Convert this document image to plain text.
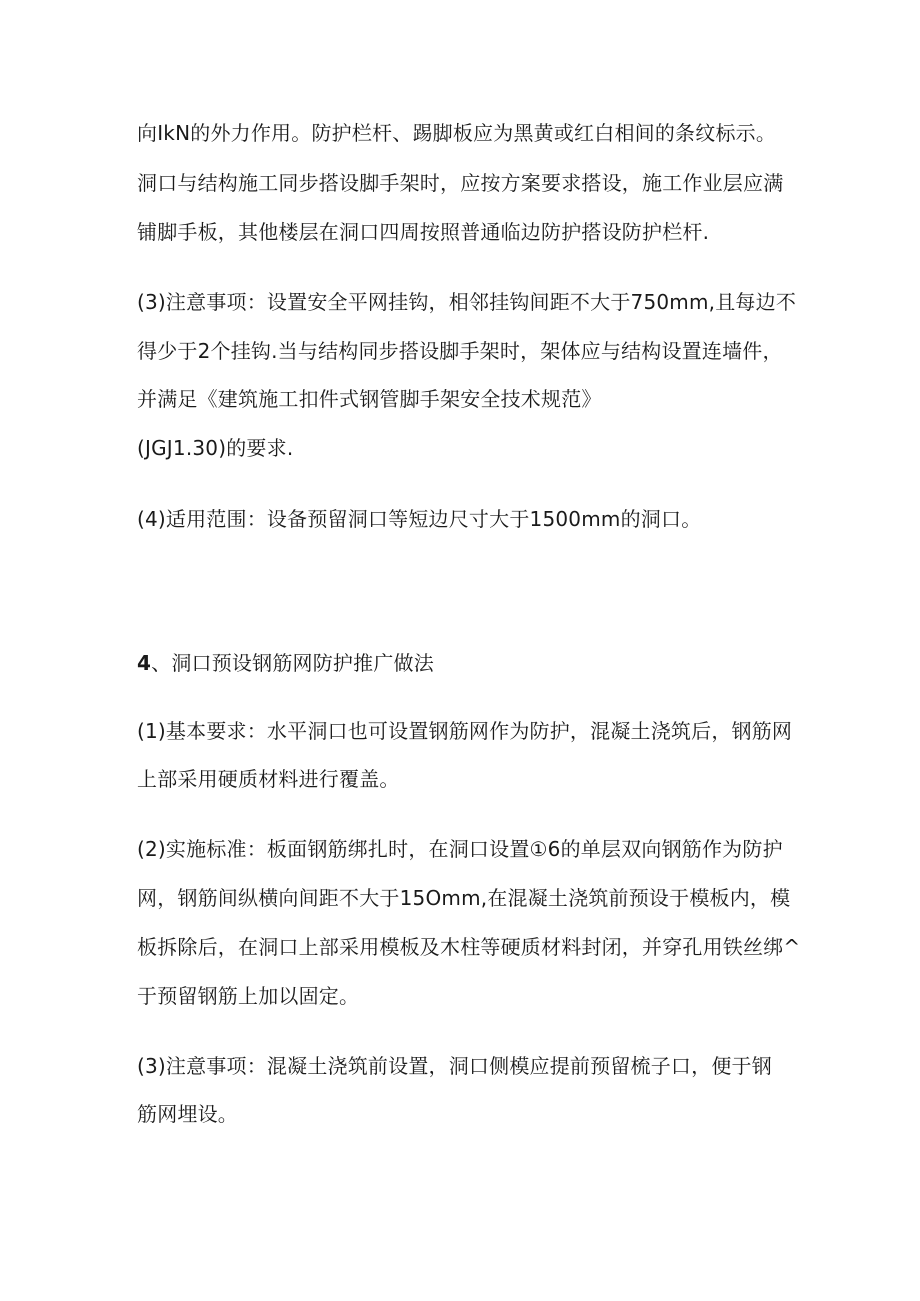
向IkN的外力作用。防护栏杆、踢脚板应为黑黄或红白相间的条纹标示。
洞口与结构施工同步搭设脚手架时，应按方案要求搭设，施工作业层应满
铺脚手板，其他楼层在洞口四周按照普通临边防护搭设防护栏杆.
(3)注意事项：设置安全平网挂钩，相邻挂钩间距不大于750mm,且每边不
得少于2个挂钩.当与结构同步搭设脚手架时，架体应与结构设置连墙件，
并满足《建筑施工扣件式钢管脚手架安全技术规范》
(JGJ1.30)的要求.
(4)适用范围：设备预留洞口等短边尺寸大于1500mm的洞口。
4、洞口预设钢筋网防护推广做法
(1)基本要求：水平洞口也可设置钢筋网作为防护，混凝土浇筑后，钢筋网
上部采用硬质材料进行覆盖。
(2)实施标准：板面钢筋绑扎时，在洞口设置①6的单层双向钢筋作为防护
网，钢筋间纵横向间距不大于15Omm,在混凝土浇筑前预设于模板内，模
板拆除后，在洞口上部采用模板及木柱等硬质材料封闭，并穿孔用铁丝绑^
于预留钢筋上加以固定。
(3)注意事项：混凝土浇筑前设置，洞口侧模应提前预留梳子口，便于钢
筋网埋设。
